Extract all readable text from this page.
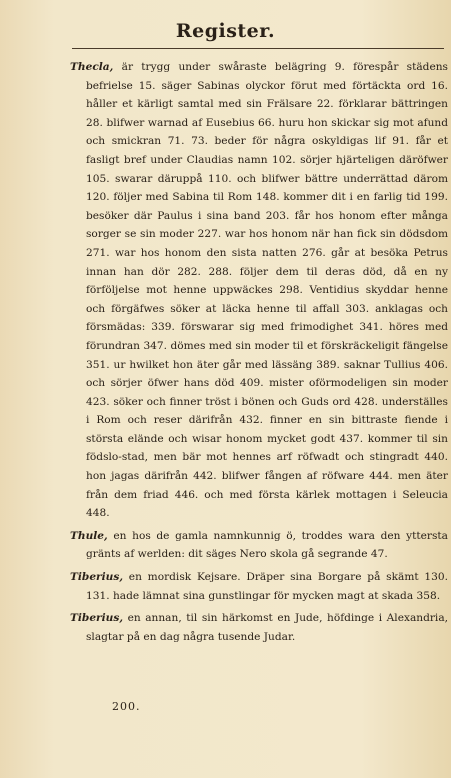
Register.

Thecla, är trygg under swåraste belägring 9. förespår städens befrielse 15. säger Sabinas olyckor förut med förtäckta ord 16. håller et kärligt samtal med sin Frälsare 22. förklarar bättringen 28. blifwer warnad af Eusebius 66. huru hon skickar sig mot afund och smickran 71. 73. beder för några oskyldigas lif 91. får et fasligt bref under Claudias namn 102. sörjer hjärteligen däröfwer 105. swarar däruppå 110. och blifwer bättre underrättad därom 120. följer med Sabina til Rom 148. kommer dit i en farlig tid 199. besöker där Paulus i sina band 203. får hos honom efter många sorger se sin moder 227. war hos honom när han fick sin dödsdom 271. war hos honom den sista natten 276. går at besöka Petrus innan han dör 282. 288. följer dem til deras död, då en ny förföljelse mot henne uppwäckes 298. Ventidius skyddar henne och förgäfwes söker at läcka henne til affall 303. anklagas och försmädas: 339. förswarar sig med frimodighet 341. höres med förundran 347. dömes med sin moder til et förskräckeligit fängelse 351. ur hwilket hon äter går med lässäng 389. saknar Tullius 406. och sörjer öfwer hans död 409. mister oförmodeligen sin moder 423. söker och finner tröst i bönen och Guds ord 428. underställes i Rom och reser därifrån 432. finner en sin bittraste fiende i största elände och wisar honom mycket godt 437. kommer til sin födslo-stad, men bär mot hennes arf röfwadt och stingradt 440. hon jagas därifrån 442. blifwer fången af röfware 444. men äter från dem friad 446. och med första kärlek mottagen i Seleucia 448.

Thule, en hos de gamla namnkunnig ö, troddes wara den yttersta gränts af werlden: dit säges Nero skola gå segrande 47.

Tiberius, en mordisk Kejsare. Dräper sina Borgare på skämt 130. 131. hade lämnat sina gunstlingar för mycken magt at skada 358.

Tiberius, en annan, til sin härkomst en Jude, höfdinge i Alexandria, slagtar på en dag några tusende Judar.

200.
